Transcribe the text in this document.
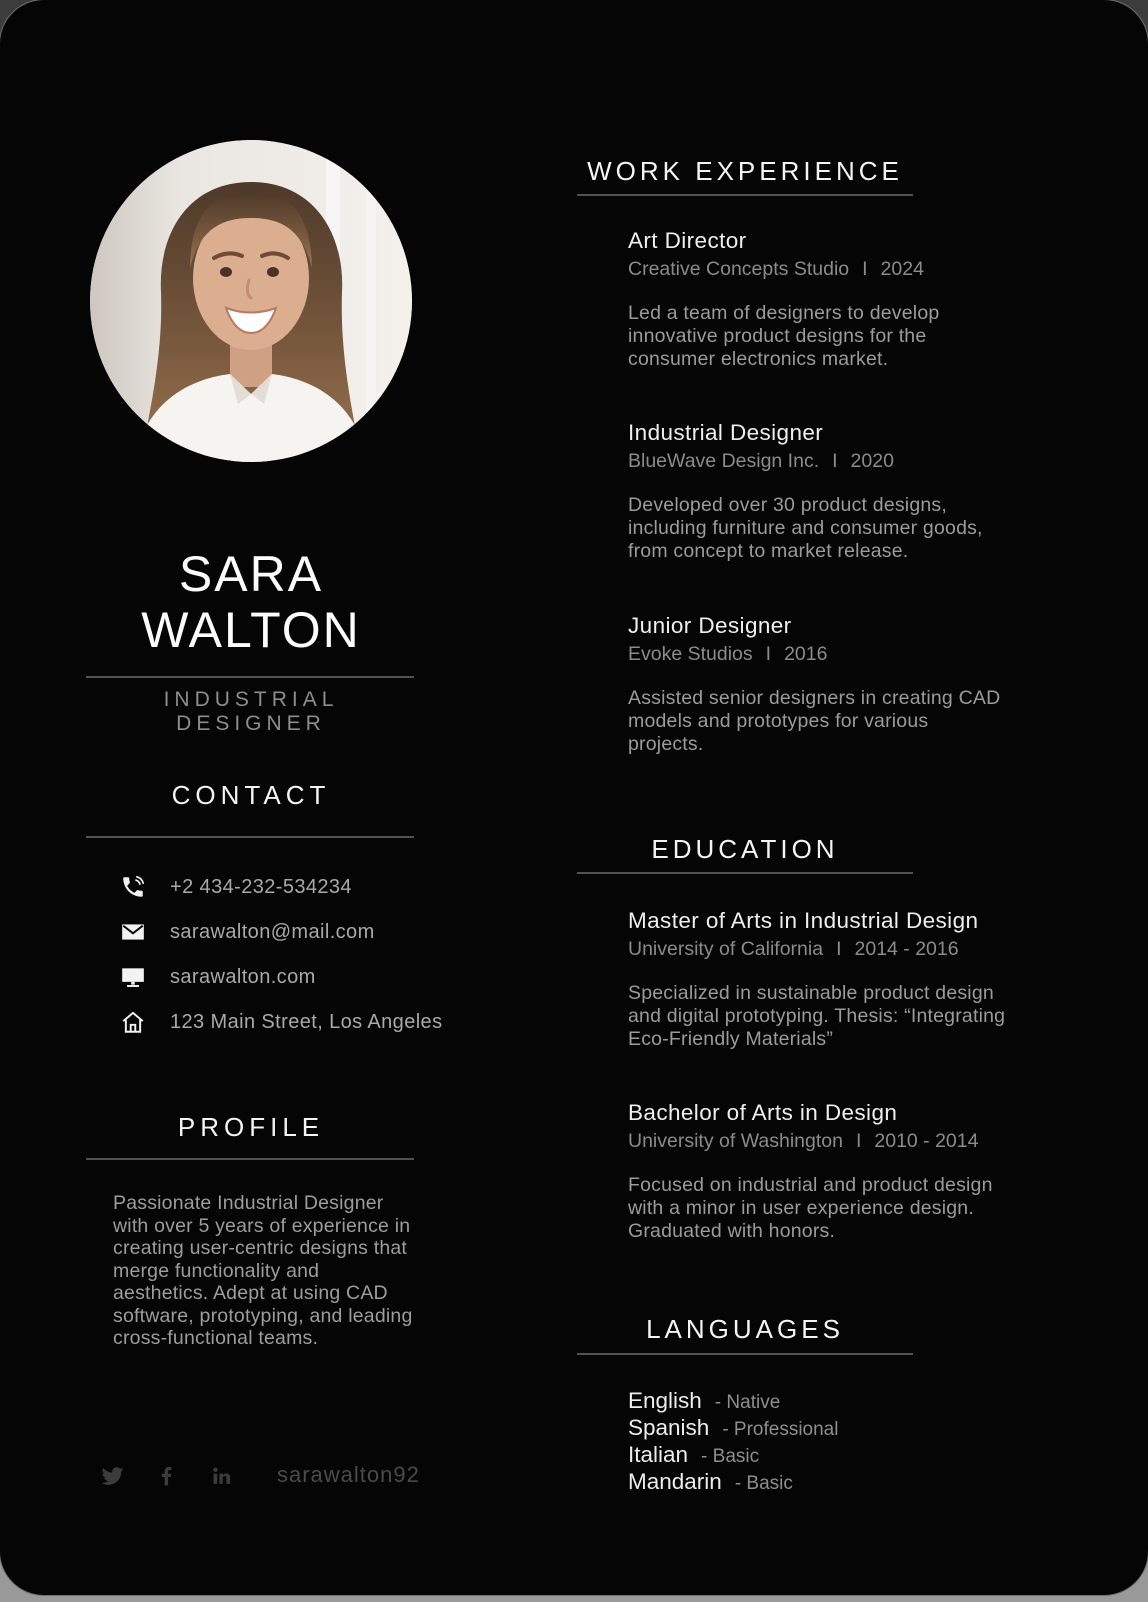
SARA
WALTON
INDUSTRIAL DESIGNER
CONTACT
+2 434-232-534234
sarawalton@mail.com
sarawalton.com
123 Main Street, Los Angeles
PROFILE
Passionate Industrial Designer with over 5 years of experience in creating user-centric designs that merge functionality and aesthetics. Adept at using CAD software, prototyping, and leading cross-functional teams.
sarawalton92
WORK EXPERIENCE
Art Director
Creative Concepts Studio I 2024
Led a team of designers to develop innovative product designs for the consumer electronics market.
Industrial Designer
BlueWave Design Inc. I 2020
Developed over 30 product designs, including furniture and consumer goods, from concept to market release.
Junior Designer
Evoke Studios I 2016
Assisted senior designers in creating CAD models and prototypes for various projects.
EDUCATION
Master of Arts in Industrial Design
University of California I 2014 - 2016
Specialized in sustainable product design and digital prototyping. Thesis: “Integrating Eco-Friendly Materials”
Bachelor of Arts in Design
University of Washington I 2010 - 2014
Focused on industrial and product design with a minor in user experience design. Graduated with honors.
LANGUAGES
English - Native
Spanish - Professional
Italian - Basic
Mandarin - Basic
